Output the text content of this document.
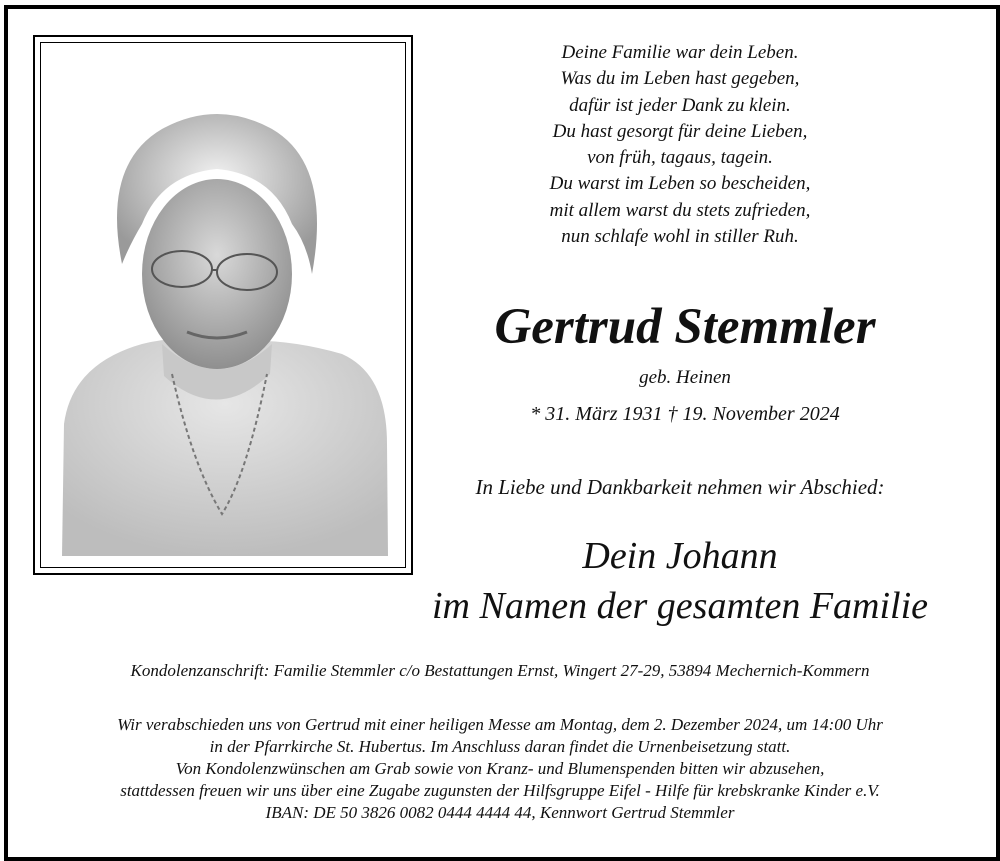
Deine Familie war dein Leben.
Was du im Leben hast gegeben,
dafür ist jeder Dank zu klein.
Du hast gesorgt für deine Lieben,
von früh, tagaus, tagein.
Du warst im Leben so bescheiden,
mit allem warst du stets zufrieden,
nun schlafe wohl in stiller Ruh.
Gertrud Stemmler
geb. Heinen
* 31. März 1931 † 19. November 2024
In Liebe und Dankbarkeit nehmen wir Abschied:
Dein Johann
im Namen der gesamten Familie
Kondolenzanschrift: Familie Stemmler c/o Bestattungen Ernst, Wingert 27-29, 53894 Mechernich-Kommern
Wir verabschieden uns von Gertrud mit einer heiligen Messe am Montag, dem 2. Dezember 2024, um 14:00 Uhr
in der Pfarrkirche St. Hubertus. Im Anschluss daran findet die Urnenbeisetzung statt.
Von Kondolenzwünschen am Grab sowie von Kranz- und Blumenspenden bitten wir abzusehen,
stattdessen freuen wir uns über eine Zugabe zugunsten der Hilfsgruppe Eifel - Hilfe für krebskranke Kinder e.V.
IBAN: DE 50 3826 0082 0444 4444 44, Kennwort Gertrud Stemmler
